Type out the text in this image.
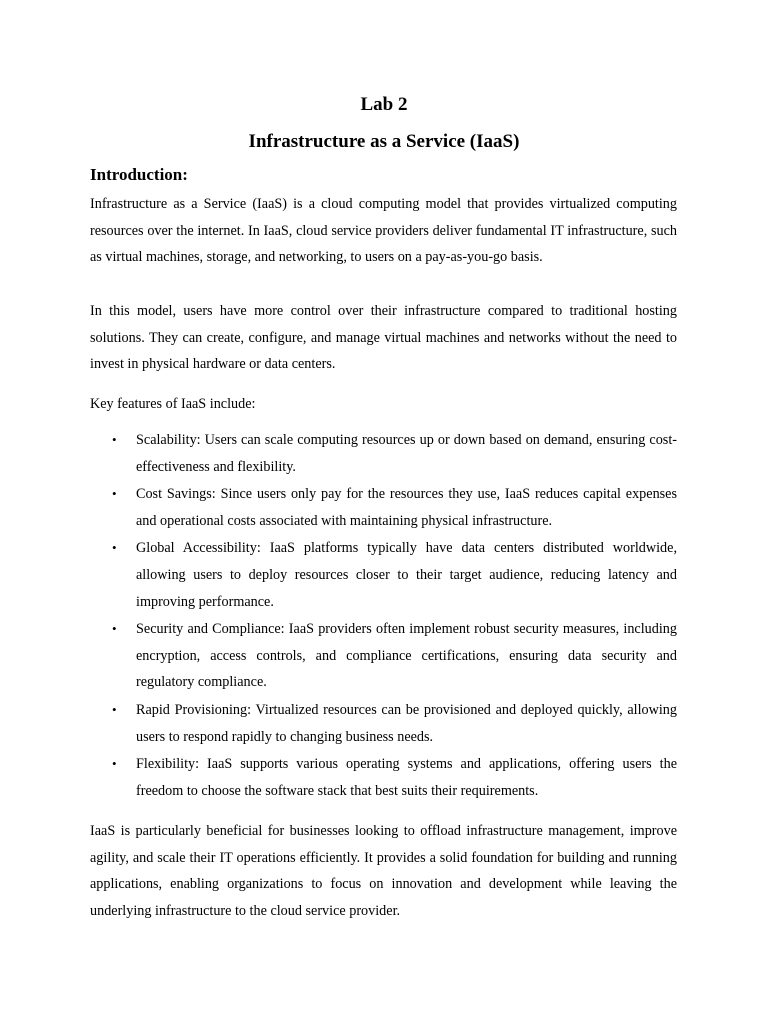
Lab 2
Infrastructure as a Service (IaaS)
Introduction:

Infrastructure as a Service (IaaS) is a cloud computing model that provides virtualized computing resources over the internet. In IaaS, cloud service providers deliver fundamental IT infrastructure, such as virtual machines, storage, and networking, to users on a pay-as-you-go basis.

In this model, users have more control over their infrastructure compared to traditional hosting solutions. They can create, configure, and manage virtual machines and networks without the need to invest in physical hardware or data centers.

Key features of IaaS include:

• Scalability: Users can scale computing resources up or down based on demand, ensuring cost-effectiveness and flexibility.
• Cost Savings: Since users only pay for the resources they use, IaaS reduces capital expenses and operational costs associated with maintaining physical infrastructure.
• Global Accessibility: IaaS platforms typically have data centers distributed worldwide, allowing users to deploy resources closer to their target audience, reducing latency and improving performance.
• Security and Compliance: IaaS providers often implement robust security measures, including encryption, access controls, and compliance certifications, ensuring data security and regulatory compliance.
• Rapid Provisioning: Virtualized resources can be provisioned and deployed quickly, allowing users to respond rapidly to changing business needs.
• Flexibility: IaaS supports various operating systems and applications, offering users the freedom to choose the software stack that best suits their requirements.

IaaS is particularly beneficial for businesses looking to offload infrastructure management, improve agility, and scale their IT operations efficiently. It provides a solid foundation for building and running applications, enabling organizations to focus on innovation and development while leaving the underlying infrastructure to the cloud service provider.
